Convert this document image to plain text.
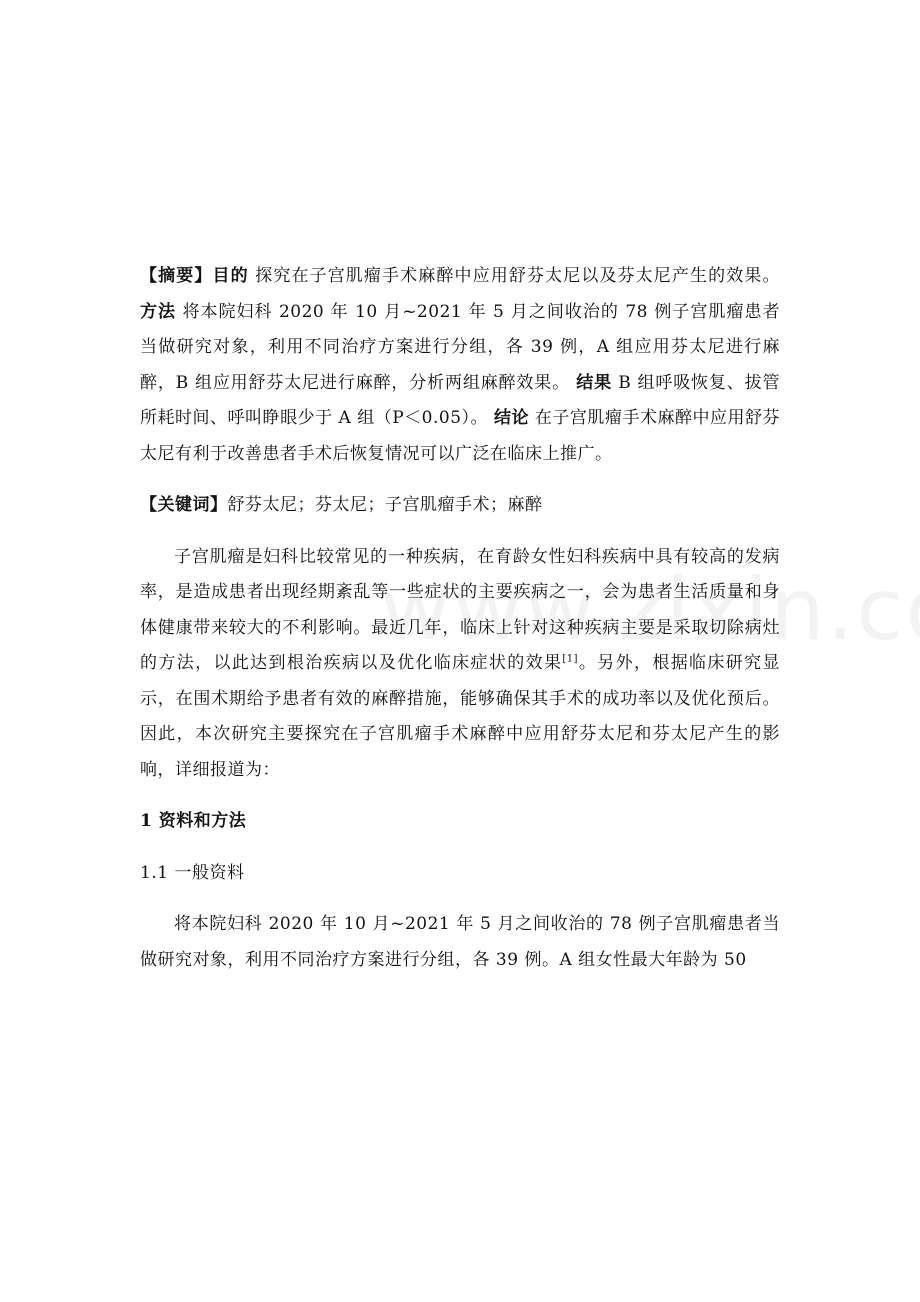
【摘要】目的 探究在子宫肌瘤手术麻醉中应用舒芬太尼以及芬太尼产生的效果。 方法 将本院妇科 2020 年 10 月~2021 年 5 月之间收治的 78 例子宫肌瘤患者当做研究对象，利用不同治疗方案进行分组，各 39 例，A 组应用芬太尼进行麻醉，B 组应用舒芬太尼进行麻醉，分析两组麻醉效果。 结果 B 组呼吸恢复、拔管所耗时间、呼叫睁眼少于 A 组（P＜0.05）。 结论 在子宫肌瘤手术麻醉中应用舒芬太尼有利于改善患者手术后恢复情况可以广泛在临床上推广。

【关键词】舒芬太尼；芬太尼；子宫肌瘤手术；麻醉

子宫肌瘤是妇科比较常见的一种疾病，在育龄女性妇科疾病中具有较高的发病率，是造成患者出现经期紊乱等一些症状的主要疾病之一，会为患者生活质量和身体健康带来较大的不利影响。最近几年，临床上针对这种疾病主要是采取切除病灶的方法，以此达到根治疾病以及优化临床症状的效果[1]。另外，根据临床研究显示，在围术期给予患者有效的麻醉措施，能够确保其手术的成功率以及优化预后。因此，本次研究主要探究在子宫肌瘤手术麻醉中应用舒芬太尼和芬太尼产生的影响，详细报道为：

1 资料和方法

1.1 一般资料

将本院妇科 2020 年 10 月~2021 年 5 月之间收治的 78 例子宫肌瘤患者当做研究对象，利用不同治疗方案进行分组，各 39 例。A 组女性最大年龄为 50
